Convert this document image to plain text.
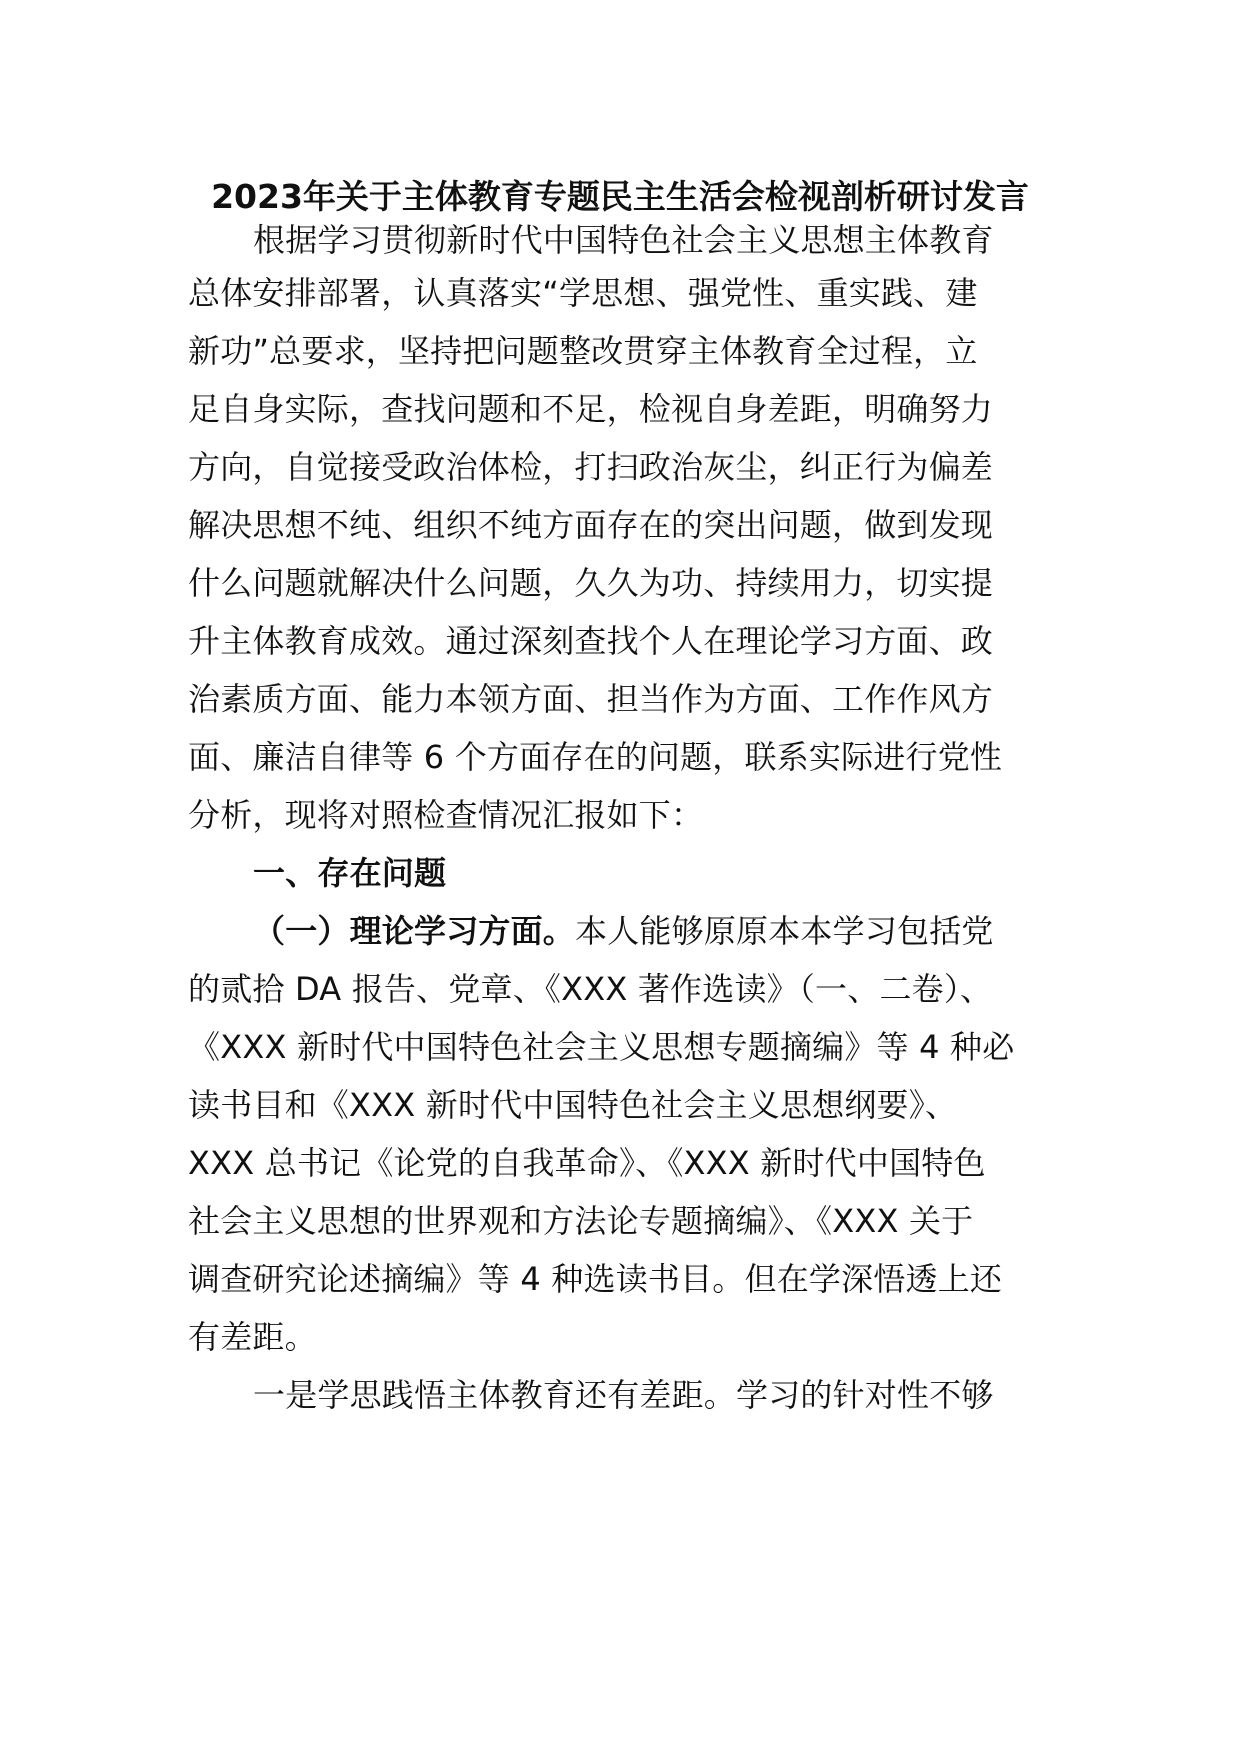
2023年关于主体教育专题民主生活会检视剖析研讨发言
根据学习贯彻新时代中国特色社会主义思想主体教育
总体安排部署，认真落实“学思想、强党性、重实践、建
新功”总要求，坚持把问题整改贯穿主体教育全过程，立
足自身实际，查找问题和不足，检视自身差距，明确努力
方向，自觉接受政治体检，打扫政治灰尘，纠正行为偏差
解决思想不纯、组织不纯方面存在的突出问题，做到发现
什么问题就解决什么问题，久久为功、持续用力，切实提
升主体教育成效。通过深刻查找个人在理论学习方面、政
治素质方面、能力本领方面、担当作为方面、工作作风方
面、廉洁自律等 6 个方面存在的问题，联系实际进行党性
分析，现将对照检查情况汇报如下：
一、存在问题
（一）理论学习方面。本人能够原原本本学习包括党
的贰拾 DA 报告、党章、《XXX 著作选读》（一、二卷）、
《XXX 新时代中国特色社会主义思想专题摘编》等 4 种必
读书目和《XXX 新时代中国特色社会主义思想纲要》、
XXX 总书记《论党的自我革命》、《XXX 新时代中国特色
社会主义思想的世界观和方法论专题摘编》、《XXX 关于
调查研究论述摘编》等 4 种选读书目。但在学深悟透上还
有差距。
一是学思践悟主体教育还有差距。学习的针对性不够
